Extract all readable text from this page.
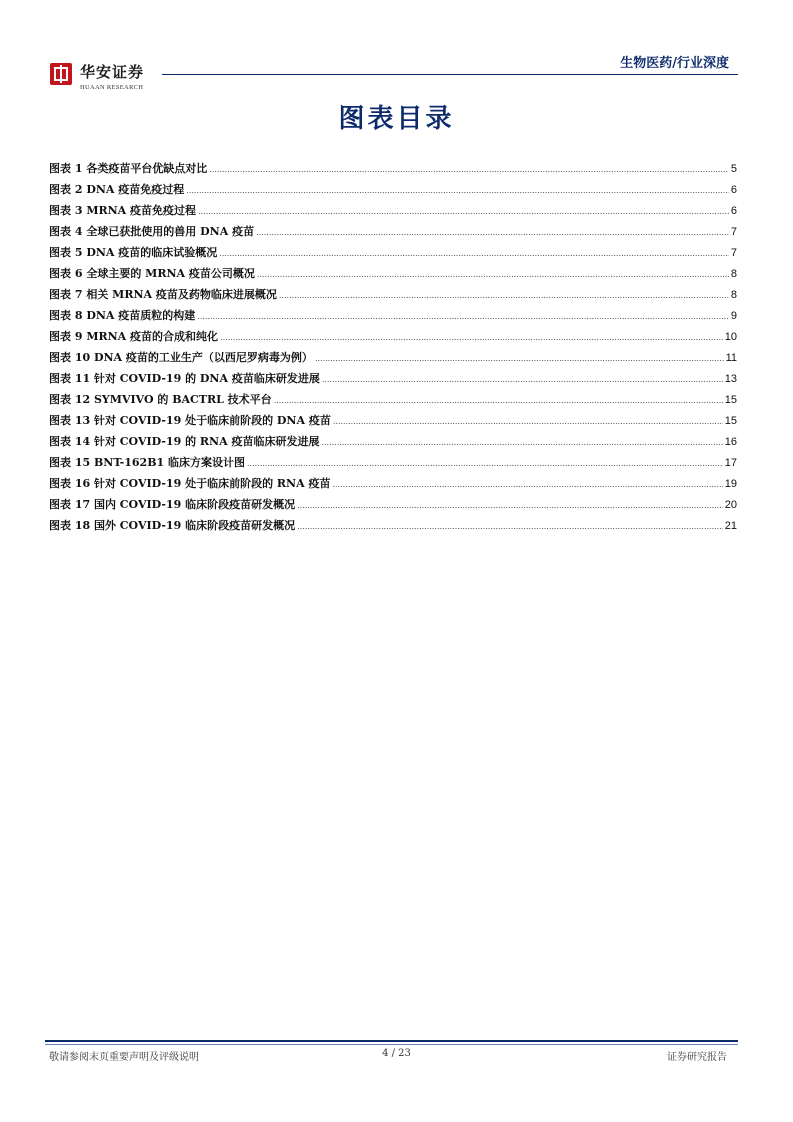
华安证券
HUAAN RESEARCH
生物医药/行业深度
图表目录
图表 1 各类疫苗平台优缺点对比 .....	5
图表 2 DNA 疫苗免疫过程 .....	6
图表 3 MRNA 疫苗免疫过程 .....	6
图表 4 全球已获批使用的兽用 DNA 疫苗 .....	7
图表 5 DNA 疫苗的临床试验概况 .....	7
图表 6 全球主要的 MRNA 疫苗公司概况 .....	8
图表 7 相关 MRNA 疫苗及药物临床进展概况 .....	8
图表 8 DNA 疫苗质粒的构建 .....	9
图表 9 MRNA 疫苗的合成和纯化 .....	10
图表 10 DNA 疫苗的工业生产（以西尼罗病毒为例） .....	11
图表 11 针对 COVID-19 的 DNA 疫苗临床研发进展 .....	13
图表 12 SYMVIVO 的 BACTRL 技术平台 .....	15
图表 13 针对 COVID-19 处于临床前阶段的 DNA 疫苗 .....	15
图表 14 针对 COVID-19 的 RNA 疫苗临床研发进展 .....	16
图表 15 BNT-162B1 临床方案设计图 .....	17
图表 16 针对 COVID-19 处于临床前阶段的 RNA 疫苗 .....	19
图表 17 国内 COVID-19 临床阶段疫苗研发概况 .....	20
图表 18 国外 COVID-19 临床阶段疫苗研发概况 .....	21
敬请参阅末页重要声明及评级说明	4 / 23	证券研究报告
